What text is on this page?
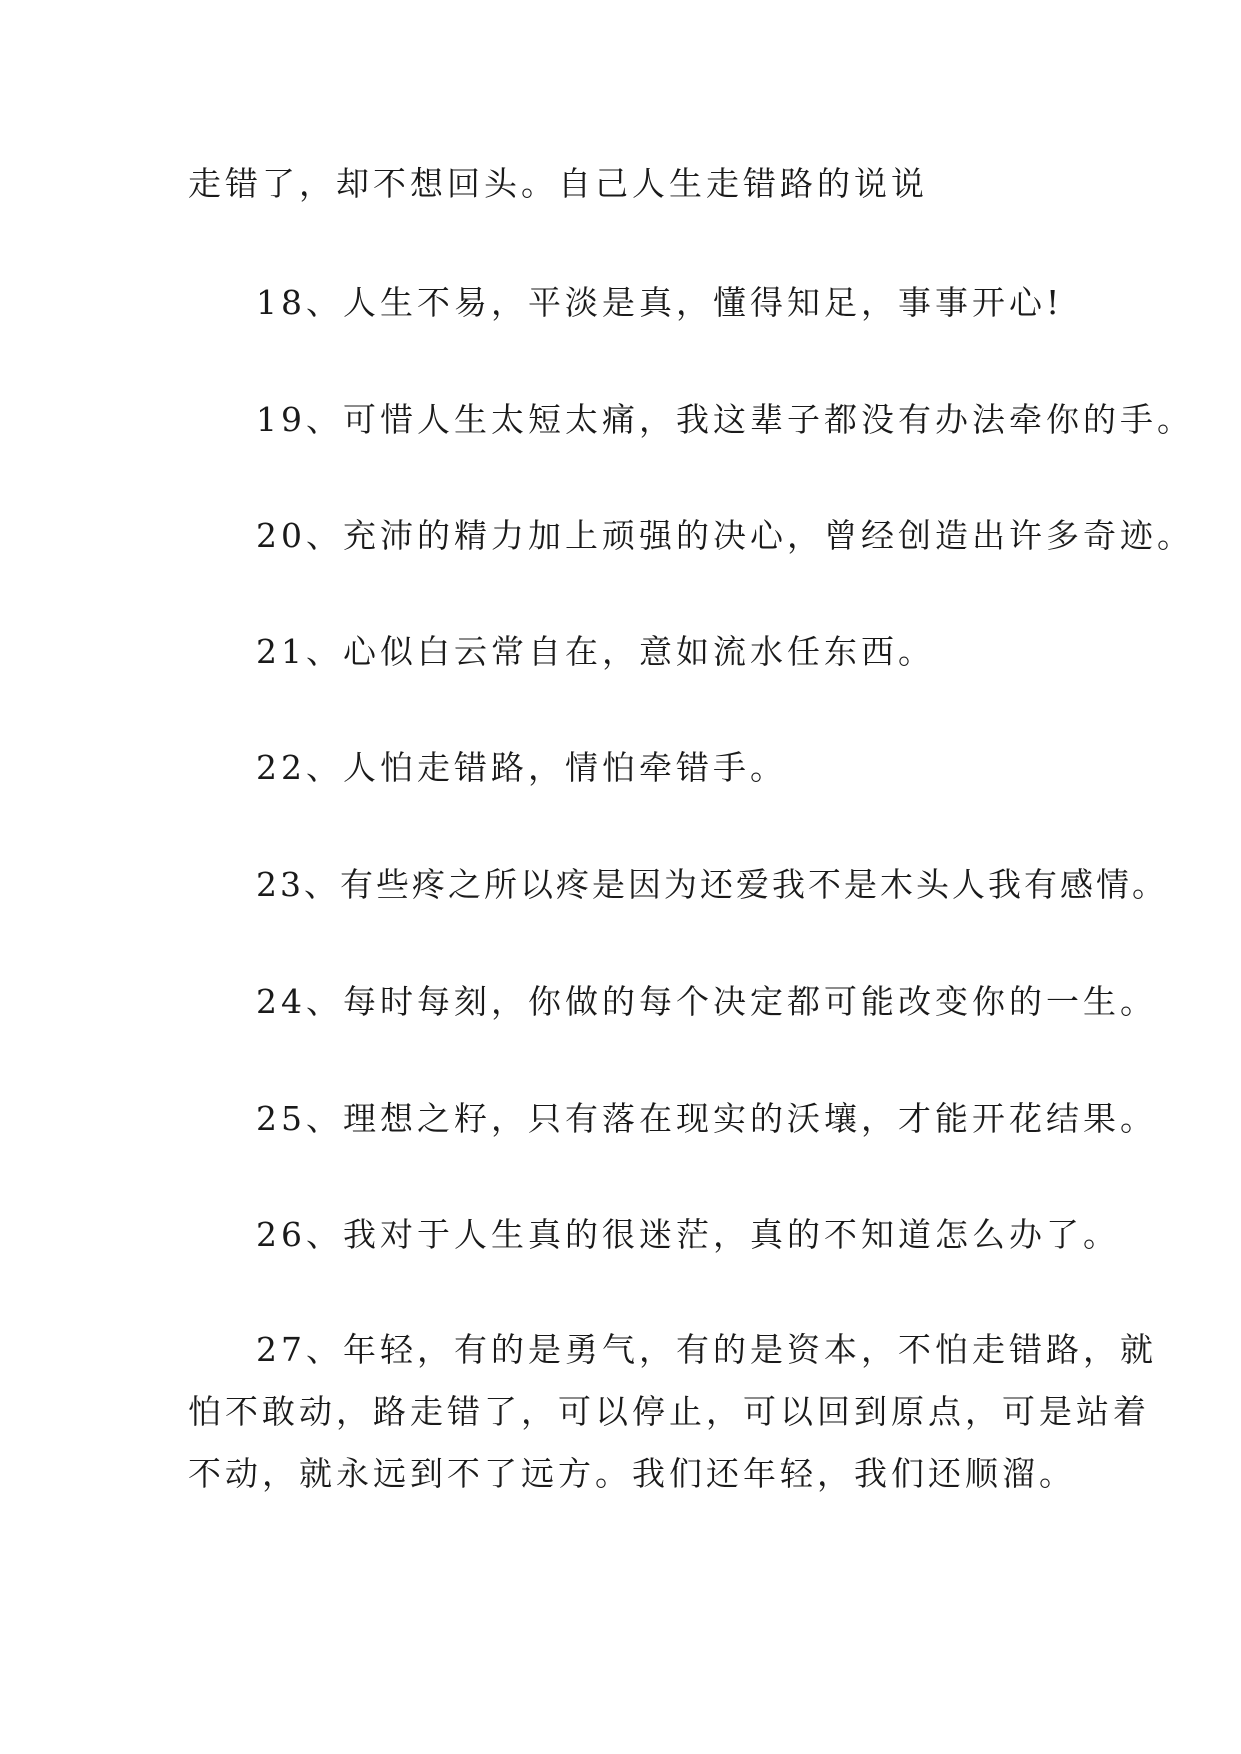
走错了，却不想回头。自己人生走错路的说说
18、人生不易，平淡是真，懂得知足，事事开心!
19、可惜人生太短太痛，我这辈子都没有办法牵你的手。
20、充沛的精力加上顽强的决心，曾经创造出许多奇迹。
21、心似白云常自在，意如流水任东西。
22、人怕走错路，情怕牵错手。
23、有些疼之所以疼是因为还爱我不是木头人我有感情。
24、每时每刻，你做的每个决定都可能改变你的一生。
25、理想之籽，只有落在现实的沃壤，才能开花结果。
26、我对于人生真的很迷茫，真的不知道怎么办了。
27、年轻，有的是勇气，有的是资本，不怕走错路，就
怕不敢动，路走错了，可以停止，可以回到原点，可是站着
不动，就永远到不了远方。我们还年轻，我们还顺溜。
